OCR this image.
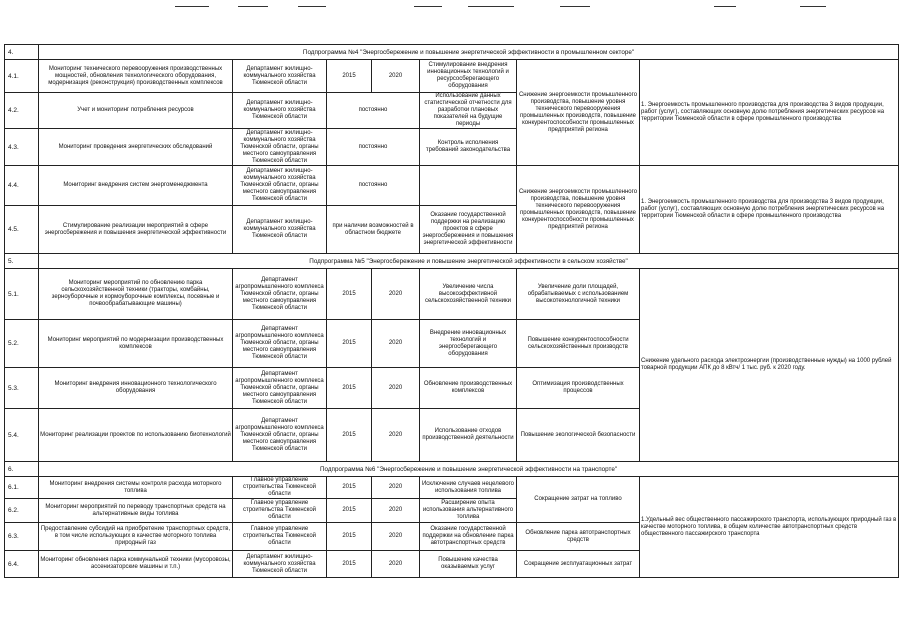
4.	Подпрограмма №4 "Энергосбережение и повышение энергетической эффективности в промышленном секторе"						
4.1.	Мониторинг технического перевооружения производственных мощностей, обновления технологического оборудования, модернизация (реконструкция) производственных комплексов	Департамент жилищно-коммунального хозяйства Тюменской области	2015	2020	Стимулирование внедрения инновационных технологий и ресурсосберегающего оборудования	Снижение энергоемкости промышленного производства, повышение уровня технического перевооружения промышленных производств, повышение конкурентоспособности промышленных предприятий региона	1. Энергоемкость промышленного производства для производства 3 видов продукции, работ (услуг), составляющих основную долю потребления энергетических ресурсов на территории Тюменской области в сфере промышленного производства
4.2.	Учет и мониторинг потребления ресурсов	Департамент жилищно-коммунального хозяйства Тюменской области	постоянно		Использование данных статистической отчетности для разработки плановых показателей на будущие периоды		
4.3.	Мониторинг проведения энергетических обследований	Департамент жилищно-коммунального хозяйства Тюменской области, органы местного самоуправления Тюменской области	постоянно		Контроль исполнения требований законодательства		
4.4.	Мониторинг внедрения систем энергоменеджмента	Департамент жилищно-коммунального хозяйства Тюменской области, органы местного самоуправления Тюменской области	постоянно			Снижение энергоемкости промышленного производства, повышение уровня технического перевооружения промышленных производств, повышение конкурентоспособности промышленных предприятий региона	1. Энергоемкость промышленного производства для производства 3 видов продукции, работ (услуг), составляющих основную долю потребления энергетических ресурсов на территории Тюменской области в сфере промышленного производства
4.5.	Стимулирование реализации мероприятий в сфере энергосбережения и повышения энергетической эффективности	Департамент жилищно-коммунального хозяйства Тюменской области	при наличии возможностей в областном бюджете		Оказание государственной поддержки на реализацию проектов в сфере энергосбережения и повышения энергетической эффективности		
5.	Подпрограмма №5 "Энергосбережение и повышение энергетической эффективности в сельском хозяйстве"						
5.1.	Мониторинг мероприятий по обновлению парка сельскохозяйственной техники (тракторы, комбайны, зерноуборочные и кормоуборочные комплексы, посевные и почвообрабатывающие машины)	Департамент агропромышленного комплекса Тюменской области, органы местного самоуправления Тюменской области	2015	2020	Увеличение числа высокоэффективной сельскохозяйственной техники	Увеличение доли площадей, обрабатываемых с использованием высокотехнологичной техники	Снижение удельного расхода электроэнергии (производственные нужды) на 1000 рублей товарной продукции АПК до 8 кВтч/ 1 тыс. руб. к 2020 году.
5.2.	Мониторинг мероприятий по модернизации производственных комплексов	Департамент агропромышленного комплекса Тюменской области, органы местного самоуправления Тюменской области	2015	2020	Внедрение инновационных технологий и энергосберегающего оборудования	Повышение конкурентоспособности сельскохозяйственных производств	
5.3.	Мониторинг внедрения инновационного технологического оборудования	Департамент агропромышленного комплекса Тюменской области, органы местного самоуправления Тюменской области	2015	2020	Обновление производственных комплексов	Оптимизация производственных процессов	
5.4.	Мониторинг реализации проектов по использованию биотехнологий	Департамент агропромышленного комплекса Тюменской области, органы местного самоуправления Тюменской области	2015	2020	Использование отходов производственной деятельности	Повышение экологической безопасности	
6.	Подпрограмма №6 "Энергосбережение и повышение энергетической эффективности на транспорте"						
6.1.	Мониторинг внедрения системы контроля расхода моторного топлива	Главное управление строительства Тюменской области	2015	2020	Исключение случаев нецелевого использования топлива	Сокращение затрат на топливо	1.Удельный вес общественного пассажирского транспорта, использующих природный газ в качестве моторного топлива, в общем количестве автотранспортных средств общественного пассажирского транспорта
6.2.	Мониторинг мероприятий по переводу транспортных средств на альтернативные виды топлива	Главное управление строительства Тюменской области	2015	2020	Расширение опыта использования альтернативного топлива		
6.3.	Предоставление субсидий на приобретение транспортных средств, в том числе использующих в качестве моторного топлива природный газ	Главное управление строительства Тюменской области	2015	2020	Оказание государственной поддержки на обновление парка автотранспортных средств	Обновление парка автотранспортных средств	
6.4.	Мониторинг обновления парка коммунальной техники (мусоровозы, ассенизаторские машины и т.п.)	Департамент жилищно-коммунального хозяйства Тюменской области	2015	2020	Повышение качества оказываемых услуг	Сокращение эксплуатационных затрат	
